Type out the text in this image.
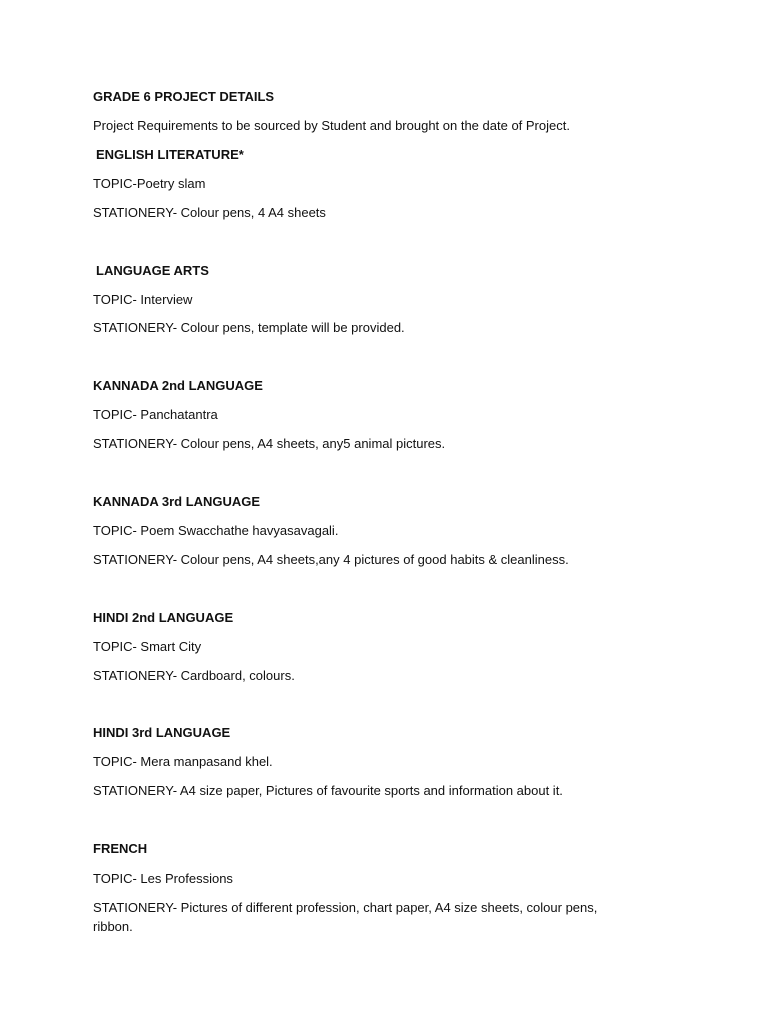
GRADE 6 PROJECT DETAILS
Project Requirements to be sourced by Student and brought on the date of Project.
ENGLISH LITERATURE*
TOPIC-Poetry slam
STATIONERY- Colour pens, 4 A4 sheets
LANGUAGE ARTS
TOPIC- Interview
STATIONERY- Colour pens, template will be provided.
KANNADA 2nd LANGUAGE
TOPIC- Panchatantra
STATIONERY- Colour pens, A4 sheets, any5 animal pictures.
KANNADA 3rd LANGUAGE
TOPIC- Poem Swacchathe havyasavagali.
STATIONERY- Colour pens, A4 sheets,any 4 pictures of good habits & cleanliness.
HINDI 2nd LANGUAGE
TOPIC- Smart City
STATIONERY- Cardboard, colours.
HINDI 3rd LANGUAGE
TOPIC- Mera manpasand khel.
STATIONERY- A4 size paper, Pictures of favourite sports and information about it.
FRENCH
TOPIC- Les Professions
STATIONERY- Pictures of different profession, chart paper, A4 size sheets, colour pens, ribbon.
